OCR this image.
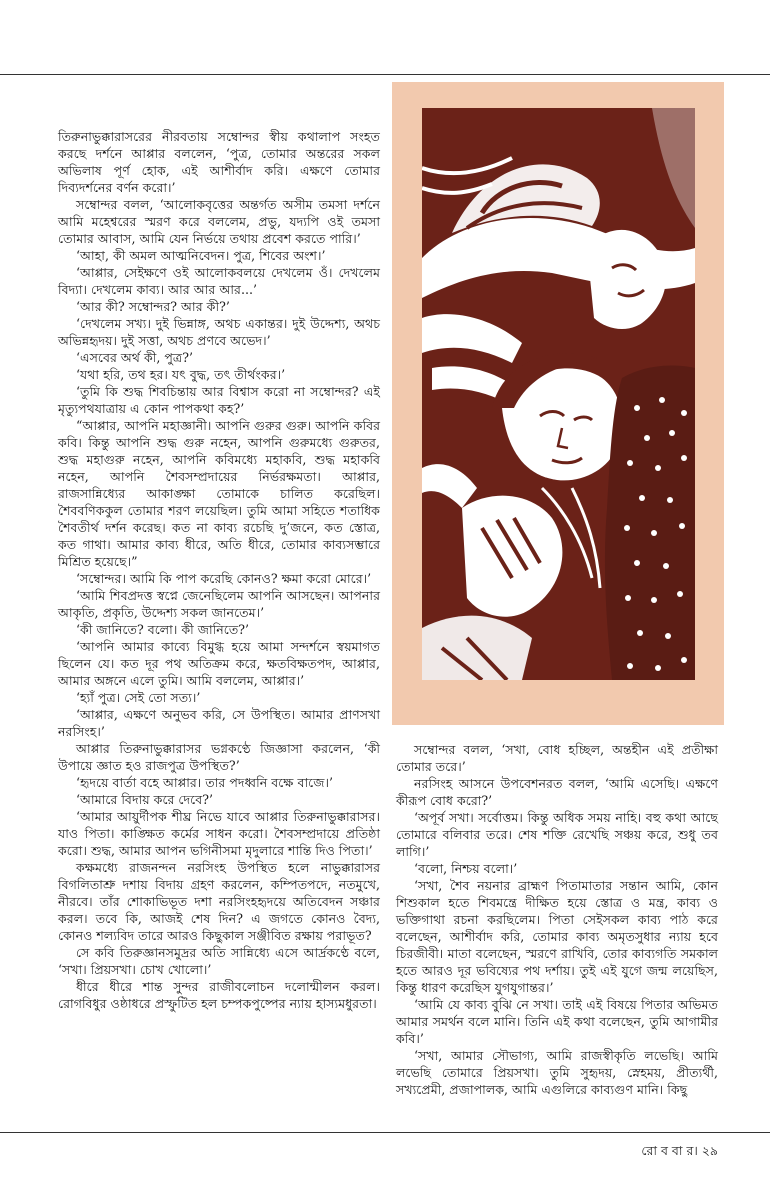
তিরুনাভুক্কারাসরের নীরবতায় সম্বোন্দর স্বীয় কথালাপ সংহত করছে দর্শনে আপ্পার বললেন, ‘পুত্র, তোমার অন্তরের সকল অভিলাষ পূর্ণ হোক, এই আশীর্বাদ করি। এক্ষণে তোমার দিব্যদর্শনের বর্ণন করো।’

সম্বোন্দর বলল, ‘আলোকবৃত্তের অন্তর্গত অসীম তমসা দর্শনে আমি মহেশ্বরের স্মরণ করে বললেম, প্রভু, যদ্যপি ওই তমসা তোমার আবাস, আমি যেন নির্ভয়ে তথায় প্রবেশ করতে পারি।’

‘আহা, কী অমল আত্মনিবেদন। পুত্র, শিবের অংশ।’

‘আপ্পার, সেইক্ষণে ওই আলোকবলয়ে দেখলেম ওঁ। দেখলেম বিদ্যা। দেখলেম কাব্য। আর আর আর...’

‘আর কী? সম্বোন্দর? আর কী?’

‘দেখলেম সখ্য। দুই ভিন্নাঙ্গ, অথচ একান্তর। দুই উদ্দেশ্য, অথচ অভিন্নহৃদয়। দুই সত্তা, অথচ প্রণবে অভেদ।’

‘এসবের অর্থ কী, পুত্র?’

‘যথা হরি, তথ হর। যৎ বুদ্ধ, তৎ তীর্থংকর।’

‘তুমি কি শুদ্ধ শিবচিন্তায় আর বিশ্বাস করো না সম্বোন্দর? এই মৃত্যুপথযাত্রায় এ কোন পাপকথা কহ?’

“আপ্পার, আপনি মহাজ্ঞানী। আপনি গুরুর গুরু। আপনি কবির কবি। কিন্তু আপনি শুদ্ধ গুরু নহেন, আপনি গুরুমধ্যে গুরুতর, শুদ্ধ মহাগুরু নহেন, আপনি কবিমধ্যে মহাকবি, শুদ্ধ মহাকবি নহেন, আপনি শৈবসম্প্রদায়ের নির্ভরক্ষমতা। আপ্পার, রাজসান্নিধ্যের আকাঙ্ক্ষা তোমাকে চালিত করেছিল। শৈববণিককুল তোমার শরণ লয়েছিল। তুমি আমা সহিতে শতাধিক শৈবতীর্থ দর্শন করেছ। কত না কাব্য রচেছি দু’জনে, কত স্তোত্র, কত গাথা। আমার কাব্য ধীরে, অতি ধীরে, তোমার কাব্যসম্ভারে মিশ্রিত হয়েছে।”

‘সম্বোন্দর। আমি কি পাপ করেছি কোনও? ক্ষমা করো মোরে।’

‘আমি শিবপ্রদত্ত স্বপ্নে জেনেছিলেম আপনি আসছেন। আপনার আকৃতি, প্রকৃতি, উদ্দেশ্য সকল জানতেম।’

‘কী জানিতে? বলো। কী জানিতে?’

‘আপনি আমার কাব্যে বিমুগ্ধ হয়ে আমা সন্দর্শনে স্বয়মাগত ছিলেন যে। কত দূর পথ অতিক্রম করে, ক্ষতবিক্ষতপদ, আপ্পার, আমার অঙ্গনে এলে তুমি। আমি বললেম, আপ্পার।’

‘হ্যাঁ পুত্র। সেই তো সত্য।’

‘আপ্পার, এক্ষণে অনুভব করি, সে উপস্থিত। আমার প্রাণসখা নরসিংহ।’

আপ্পার তিরুনাভুক্কারাসর ভগ্নকণ্ঠে জিজ্ঞাসা করলেন, ‘কী উপায়ে জ্ঞাত হও রাজপুত্র উপস্থিত?’

‘হৃদয়ে বার্তা বহে আপ্পার। তার পদধ্বনি বক্ষে বাজে।’

‘আমারে বিদায় করে দেবে?’

‘আমার আয়ুর্দীপক শীঘ্র নিভে যাবে আপ্পার তিরুনাভুক্কারাসর। যাও পিতা। কাঙ্ক্ষিত কর্মের সাধন করো। শৈবসম্প্রদায়ে প্রতিষ্ঠা করো। শুদ্ধ, আমার আপন ভগিনীসমা মৃদুলারে শান্তি দিও পিতা।’

কক্ষমধ্যে রাজনন্দন নরসিংহ উপস্থিত হলে নাভুক্কারাসর বিগলিতাশ্রু দশায় বিদায় গ্রহণ করলেন, কম্পিতপদে, নতমুখে, নীরবে। তাঁর শোকাভিভূত দশা নরসিংহহৃদয়ে অতিবেদন সঞ্চার করল। তবে কি, আজই শেষ দিন? এ জগতে কোনও বৈদ্য, কোনও শল্যবিদ তারে আরও কিছুকাল সঞ্জীবিত রক্ষায় পরাভূত?

সে কবি তিরুজ্ঞানসমুদ্রর অতি সান্নিধ্যে এসে আর্দ্রকণ্ঠে বলে, ‘সখা। প্রিয়সখা। চোখ খোলো।’

ধীরে ধীরে শান্ত সুন্দর রাজীবলোচন দলোন্মীলন করল। রোগবিধুর ওষ্ঠাধরে প্রস্ফুটিত হল চম্পকপুষ্পের ন্যায় হাস্যমধুরতা।

সম্বোন্দর বলল, ‘সখা, বোধ হচ্ছিল, অন্তহীন এই প্রতীক্ষা তোমার তরে।’

নরসিংহ আসনে উপবেশনরত বলল, ‘আমি এসেছি। এক্ষণে কীরূপ বোধ করো?’

‘অপূর্ব সখা। সর্বোত্তম। কিন্তু অধিক সময় নাহি। বহু কথা আছে তোমারে বলিবার তরে। শেষ শক্তি রেখেছি সঞ্চয় করে, শুধু তব লাগি।’

‘বলো, নিশ্চয় বলো।’

‘সখা, শৈব নয়নার ব্রাহ্মণ পিতামাতার সন্তান আমি, কোন শিশুকাল হতে শিবমন্ত্রে দীক্ষিত হয়ে স্তোত্র ও মন্ত্র, কাব্য ও ভক্তিগাথা রচনা করছিলেম। পিতা সেইসকল কাব্য পাঠ করে বলেছেন, আশীর্বাদ করি, তোমার কাব্য অমৃতসুধার ন্যায় হবে চিরজীবী। মাতা বলেছেন, স্মরণে রাখিবি, তোর কাব্যগতি সমকাল হতে আরও দূর ভবিষ্যের পথ দর্শায়। তুই এই যুগে জন্ম লয়েছিস, কিন্তু ধারণ করেছিস যুগযুগান্তর।’

‘আমি যে কাব্য বুঝি নে সখা। তাই এই বিষয়ে পিতার অভিমত আমার সমর্থন বলে মানি। তিনি এই কথা বলেছেন, তুমি আগামীর কবি।’

‘সখা, আমার সৌভাগ্য, আমি রাজস্বীকৃতি লভেছি। আমি লভেছি তোমারে প্রিয়সখা। তুমি সুহৃদয়, স্নেহময়, প্রীত্যর্থী, সখ্যপ্রেমী, প্রজাপালক, আমি এগুলিরে কাব্যগুণ মানি। কিছু

রো ব বা র। ২৯
